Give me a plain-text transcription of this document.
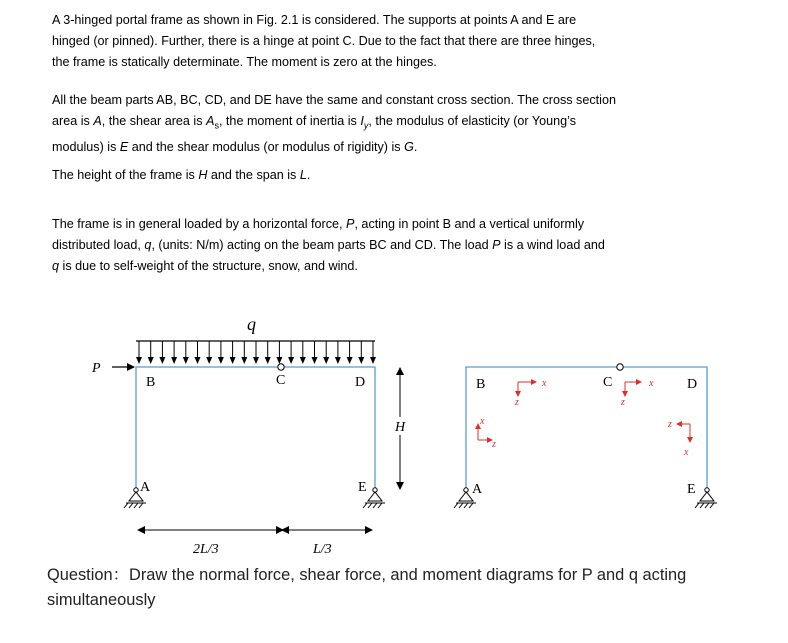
A 3-hinged portal frame as shown in Fig. 2.1 is considered. The supports at points A and E are
hinged (or pinned). Further, there is a hinge at point C. Due to the fact that there are three hinges,
the frame is statically determinate. The moment is zero at the hinges.
All the beam parts AB, BC, CD, and DE have the same and constant cross section. The cross section
area is A, the shear area is $A_s$, the moment of inertia is $I_y$, the modulus of elasticity (or Young’s
modulus) is E and the shear modulus (or modulus of rigidity) is G.
The height of the frame is H and the span is L.
The frame is in general loaded by a horizontal force, P, acting in point B and a vertical uniformly
distributed load, q, (units: N/m) acting on the beam parts BC and CD. The load P is a wind load and
q is due to self-weight of the structure, snow, and wind.
q
P
B	C	D
A	E
H
2L/3	L/3
B	C	D
A	E
x
z
x
z
x
z
z
x
Question：Draw the normal force, shear force, and moment diagrams for P and q acting
simultaneously
